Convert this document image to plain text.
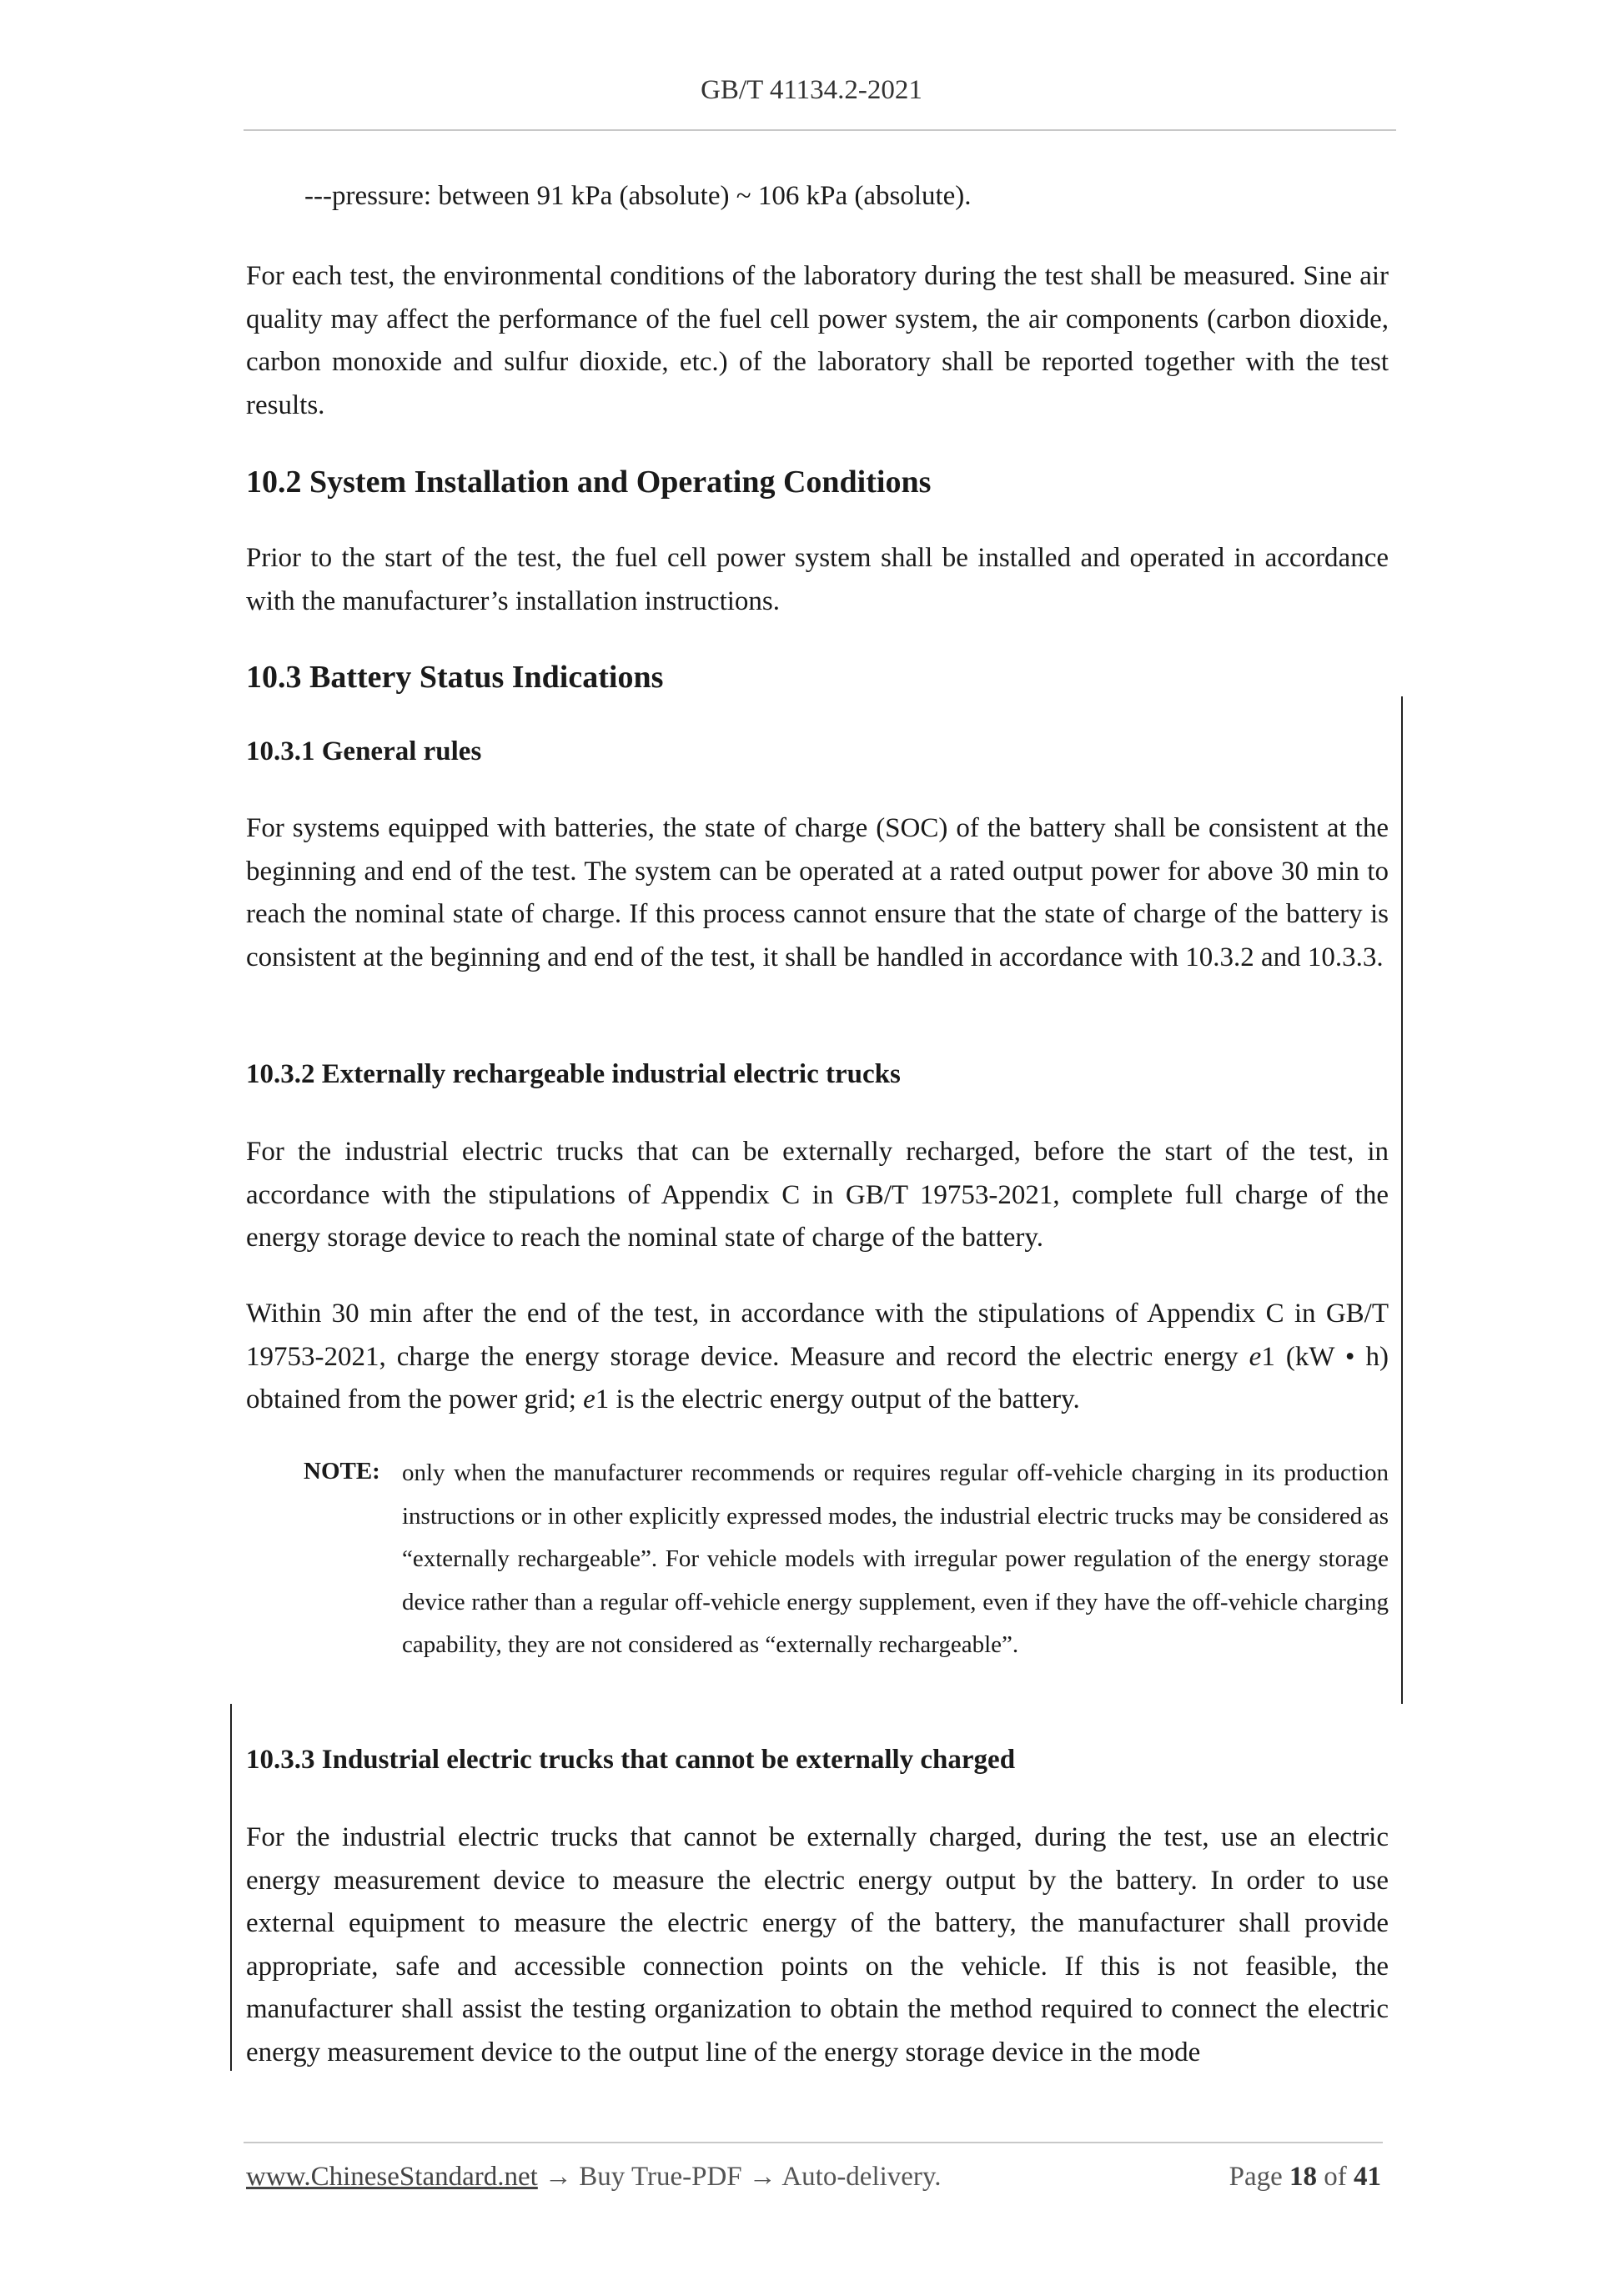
GB/T 41134.2-2021
---pressure: between 91 kPa (absolute) ~ 106 kPa (absolute).
For each test, the environmental conditions of the laboratory during the test shall be measured. Sine air quality may affect the performance of the fuel cell power system, the air components (carbon dioxide, carbon monoxide and sulfur dioxide, etc.) of the laboratory shall be reported together with the test results.
10.2 System Installation and Operating Conditions
Prior to the start of the test, the fuel cell power system shall be installed and operated in accordance with the manufacturer’s installation instructions.
10.3 Battery Status Indications
10.3.1 General rules
For systems equipped with batteries, the state of charge (SOC) of the battery shall be consistent at the beginning and end of the test. The system can be operated at a rated output power for above 30 min to reach the nominal state of charge. If this process cannot ensure that the state of charge of the battery is consistent at the beginning and end of the test, it shall be handled in accordance with 10.3.2 and 10.3.3.
10.3.2 Externally rechargeable industrial electric trucks
For the industrial electric trucks that can be externally recharged, before the start of the test, in accordance with the stipulations of Appendix C in GB/T 19753-2021, complete full charge of the energy storage device to reach the nominal state of charge of the battery.
Within 30 min after the end of the test, in accordance with the stipulations of Appendix C in GB/T 19753-2021, charge the energy storage device. Measure and record the electric energy e1 (kW • h) obtained from the power grid; e1 is the electric energy output of the battery.
NOTE: only when the manufacturer recommends or requires regular off-vehicle charging in its production instructions or in other explicitly expressed modes, the industrial electric trucks may be considered as “externally rechargeable”. For vehicle models with irregular power regulation of the energy storage device rather than a regular off-vehicle energy supplement, even if they have the off-vehicle charging capability, they are not considered as “externally rechargeable”.
10.3.3 Industrial electric trucks that cannot be externally charged
For the industrial electric trucks that cannot be externally charged, during the test, use an electric energy measurement device to measure the electric energy output by the battery. In order to use external equipment to measure the electric energy of the battery, the manufacturer shall provide appropriate, safe and accessible connection points on the vehicle. If this is not feasible, the manufacturer shall assist the testing organization to obtain the method required to connect the electric energy measurement device to the output line of the energy storage device in the mode
www.ChineseStandard.net → Buy True-PDF → Auto-delivery.	Page 18 of 41
